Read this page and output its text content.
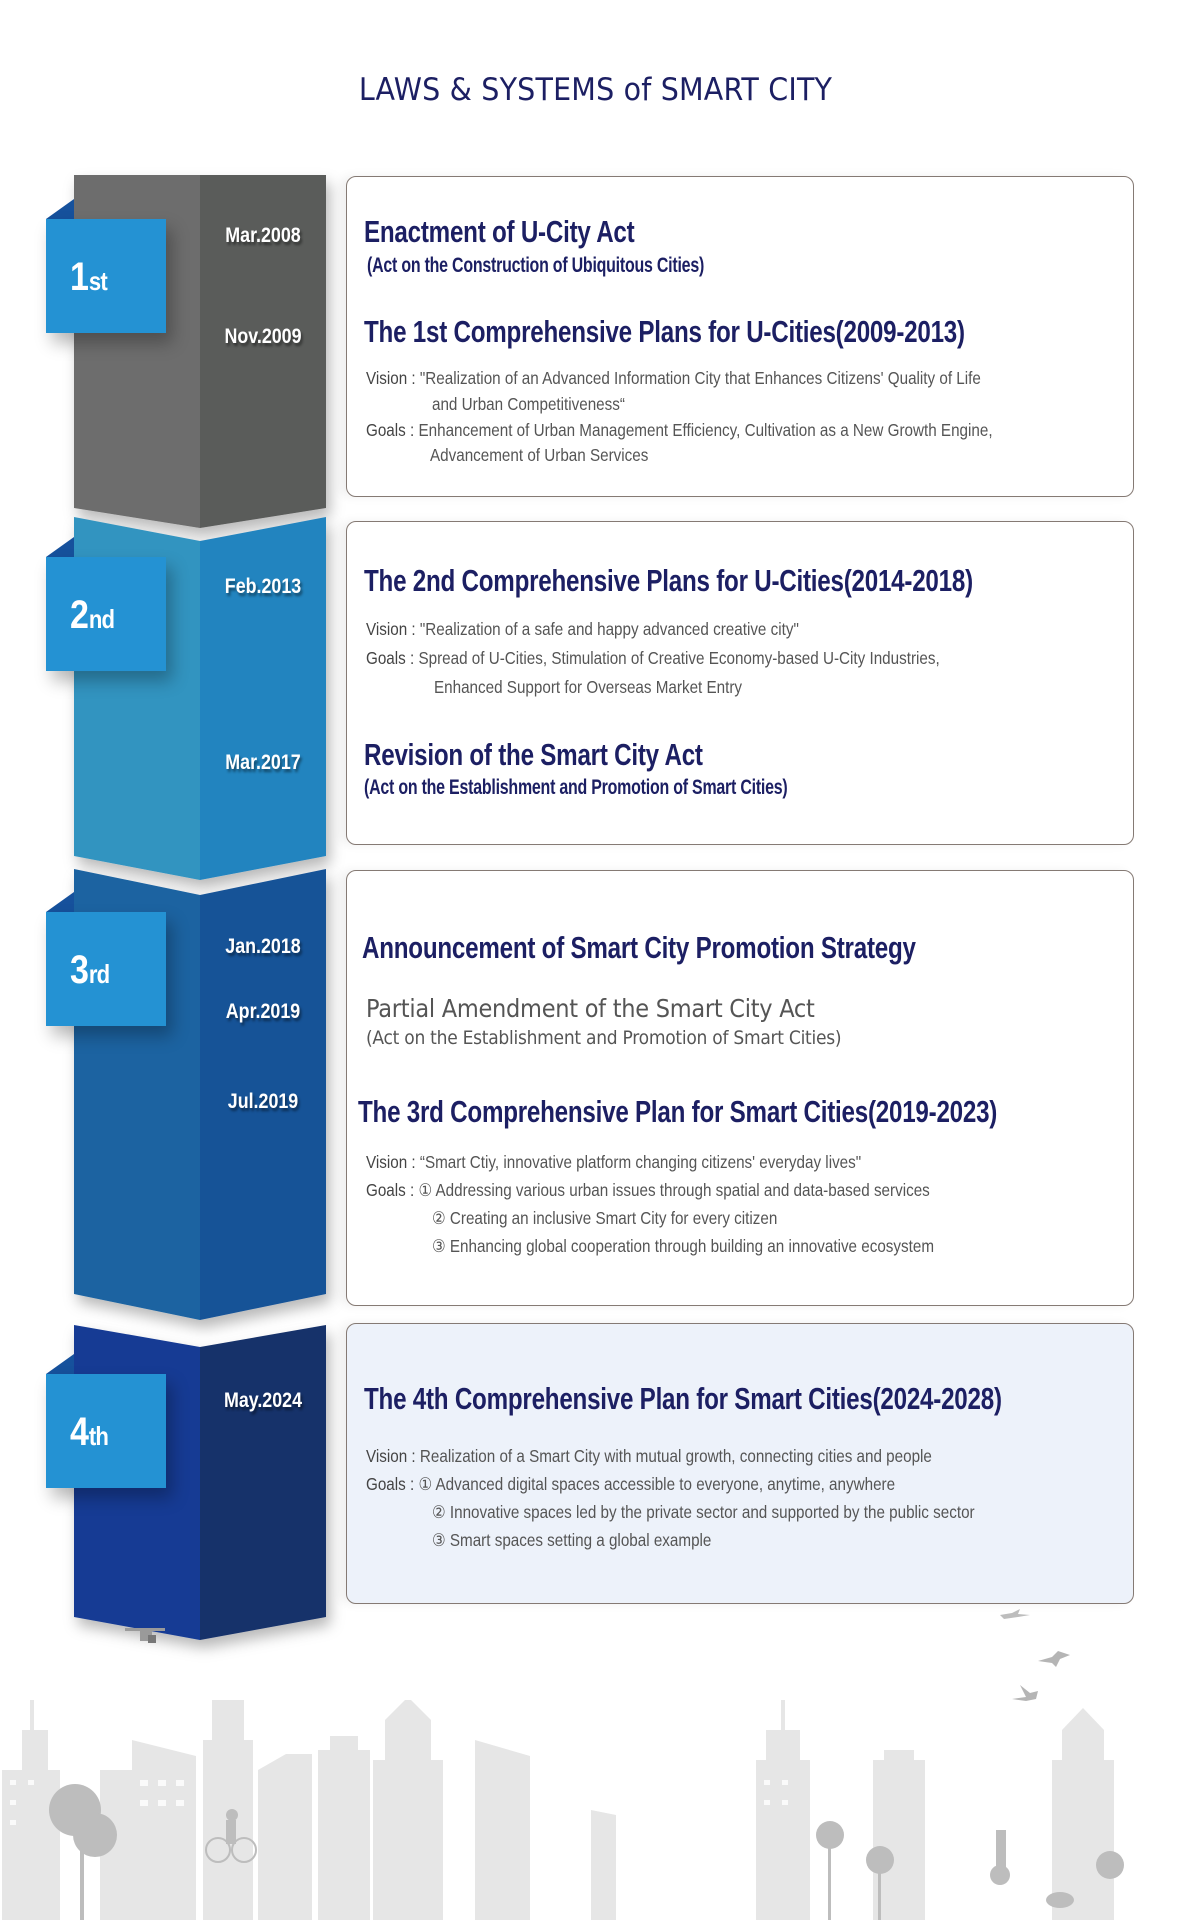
LAWS & SYSTEMS of SMART CITY
1 st
2 nd
3 rd
4 th
Mar.2008
Nov.2009
Feb.2013
Mar.2017
Jan.2018
Apr.2019
Jul.2019
May.2024
Enactment of U-City Act
(Act on the Construction of Ubiquitous Cities)
The 1st Comprehensive Plans for U-Cities(2009-2013)
Vision : "Realization of an Advanced Information City that Enhances Citizens' Quality of Life
and Urban Competitiveness“
Goals : Enhancement of Urban Management Efficiency, Cultivation as a New Growth Engine,
Advancement of Urban Services
The 2nd Comprehensive Plans for U-Cities(2014-2018)
Vision : "Realization of a safe and happy advanced creative city"
Goals : Spread of U-Cities, Stimulation of Creative Economy-based U-City Industries,
Enhanced Support for Overseas Market Entry
Revision of the Smart City Act
(Act on the Establishment and Promotion of Smart Cities)
Announcement of Smart City Promotion Strategy
Partial Amendment of the Smart City Act
(Act on the Establishment and Promotion of Smart Cities)
The 3rd Comprehensive Plan for Smart Cities(2019-2023)
Vision : “Smart Ctiy, innovative platform changing citizens' everyday lives"
Goals : ① Addressing various urban issues through spatial and data-based services
② Creating an inclusive Smart City for every citizen
③ Enhancing global cooperation through building an innovative ecosystem
The 4th Comprehensive Plan for Smart Cities(2024-2028)
Vision : Realization of a Smart City with mutual growth, connecting cities and people
Goals : ① Advanced digital spaces accessible to everyone, anytime, anywhere
② Innovative spaces led by the private sector and supported by the public sector
③ Smart spaces setting a global example
